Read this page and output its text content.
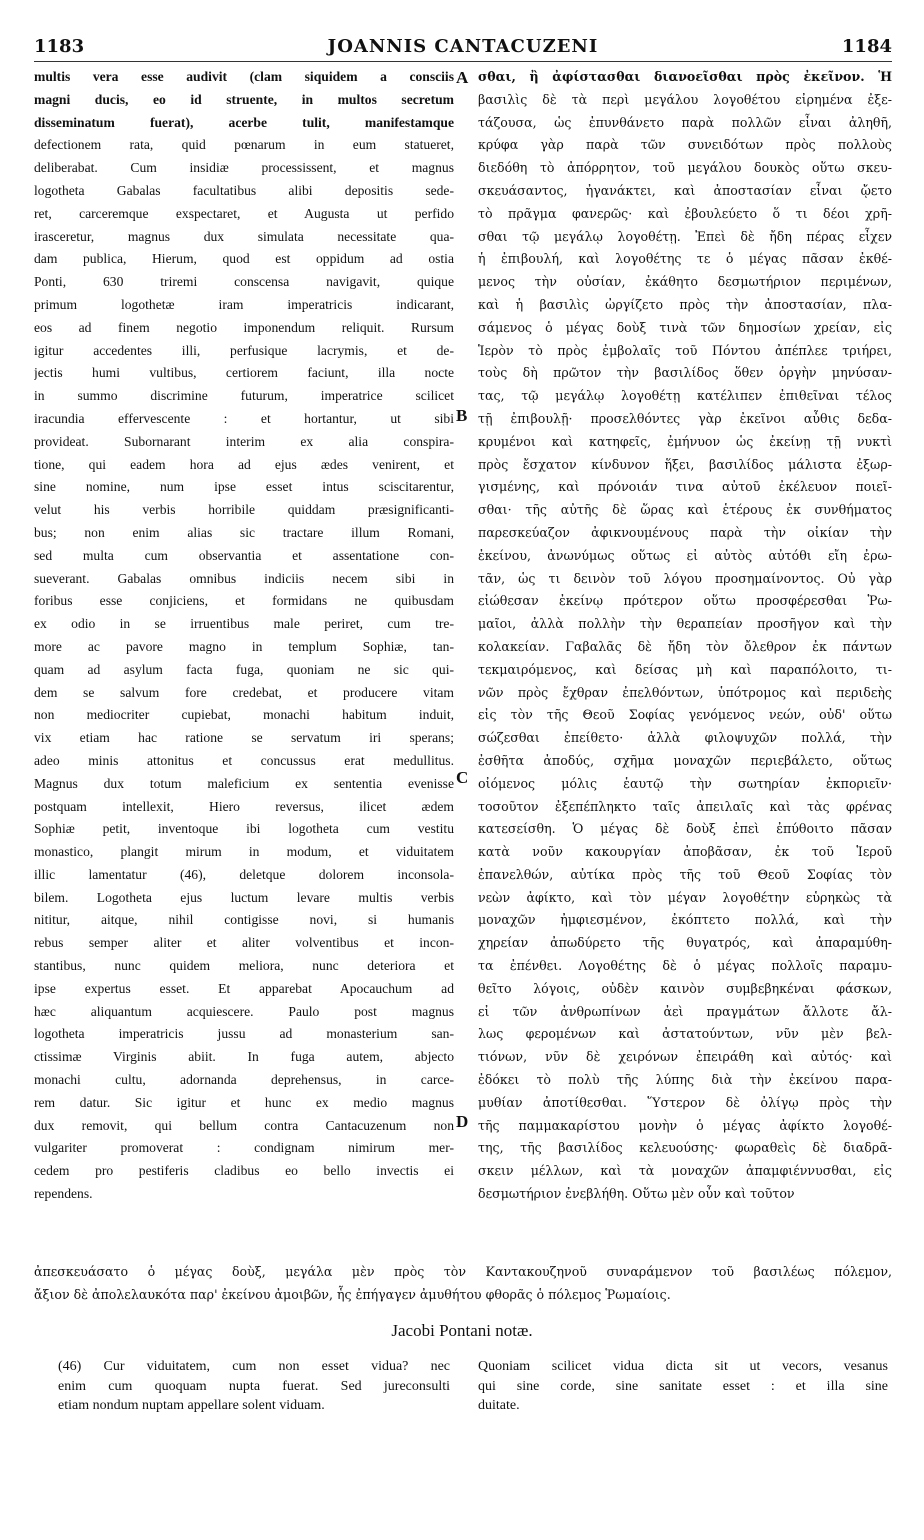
1183	JOANNIS CANTACUZENI	1184
multis vera esse audivit (clam siquidem a consciis
magni ducis, eo id struente, in multos secretum
disseminatum fuerat), acerbe tulit, manifestamque
defectionem rata, quid pœnarum in eum statueret,
deliberabat. Cum insidiæ processissent, et magnus
logotheta Gabalas facultatibus alibi depositis sede-
ret, carceremque exspectaret, et Augusta ut perfido
irasceretur, magnus dux simulata necessitate qua-
dam publica, Hierum, quod est oppidum ad ostia
Ponti, 630 triremi conscensa navigavit, quique
primum logothetæ iram imperatricis indicarant,
eos ad finem negotio imponendum reliquit. Rursum
igitur accedentes illi, perfusique lacrymis, et de-
jectis humi vultibus, certiorem faciunt, illa nocte
in summo discrimine futurum, imperatrice scilicet
iracundia effervescente : et hortantur, ut sibi
provideat. Subornarant interim ex alia conspira-
tione, qui eadem hora ad ejus ædes venirent, et
sine nomine, num ipse esset intus sciscitarentur,
velut his verbis horribile quiddam præsignificanti-
bus; non enim alias sic tractare illum Romani,
sed multa cum observantia et assentatione con-
sueverant. Gabalas omnibus indiciis necem sibi in
foribus esse conjiciens, et formidans ne quibusdam
ex odio in se irruentibus male periret, cum tre-
more ac pavore magno in templum Sophiæ, tan-
quam ad asylum facta fuga, quoniam ne sic qui-
dem se salvum fore credebat, et producere vitam
non mediocriter cupiebat, monachi habitum induit,
vix etiam hac ratione se servatum iri sperans;
adeo minis attonitus et concussus erat medullitus.
Magnus dux totum maleficium ex sententia evenisse
postquam intellexit, Hiero reversus, ilicet ædem
Sophiæ petit, inventoque ibi logotheta cum vestitu
monastico, plangit mirum in modum, et viduitatem
illic lamentatur (46), deletque dolorem inconsola-
bilem. Logotheta ejus luctum levare multis verbis
nititur, aitque, nihil contigisse novi, si humanis
rebus semper aliter et aliter volventibus et incon-
stantibus, nunc quidem meliora, nunc deteriora et
ipse expertus esset. Et apparebat Apocauchum ad
hæc aliquantum acquiescere. Paulo post magnus
logotheta imperatricis jussu ad monasterium san-
ctissimæ Virginis abiit. In fuga autem, abjecto
monachi cultu, adornanda deprehensus, in carce-
rem datur. Sic igitur et hunc ex medio magnus
dux removit, qui bellum contra Cantacuzenum non
vulgariter promoverat : condignam nimirum mer-
cedem pro pestiferis cladibus eo bello invectis ei
rependens.
σθαι, ἢ ἀφίστασθαι διανοεῖσθαι πρὸς ἐκεῖνον. Ἡ
βασιλὶς δὲ τὰ περὶ μεγάλου λογοθέτου εἰρημένα ἐξε-
τάζουσα, ὡς ἐπυνθάνετο παρὰ πολλῶν εἶναι ἀληθῆ,
κρύφα γὰρ παρὰ τῶν συνειδότων πρὸς πολλοὺς
διεδόθη τὸ ἀπόρρητον, τοῦ μεγάλου δουκὸς οὕτω σκευ-
σκευάσαντος, ἠγανάκτει, καὶ ἀποστασίαν εἶναι ᾤετο
τὸ πρᾶγμα φανερῶς· καὶ ἐβουλεύετο ὅ τι δέοι χρῆ-
σθαι τῷ μεγάλῳ λογοθέτῃ. Ἐπεὶ δὲ ἤδη πέρας εἶχεν
ἡ ἐπιβουλή, καὶ λογοθέτης τε ὁ μέγας πᾶσαν ἐκθέ-
μενος τὴν οὐσίαν, ἐκάθητο δεσμωτήριον περιμένων,
καὶ ἡ βασιλὶς ὠργίζετο πρὸς τὴν ἀποστασίαν, πλα-
σάμενος ὁ μέγας δοὺξ τινὰ τῶν δημοσίων χρείαν, εἰς
Ἱερὸν τὸ πρὸς ἐμβολαῖς τοῦ Πόντου ἀπέπλεε τριήρει,
τοὺς δὴ πρῶτον τὴν βασιλίδος ὅθεν ὀργὴν μηνύσαν-
τας, τῷ μεγάλῳ λογοθέτῃ κατέλιπεν ἐπιθεῖναι τέλος
τῇ ἐπιβουλῇ· προσελθόντες γὰρ ἐκεῖνοι αὖθις δεδα-
κρυμένοι καὶ κατηφεῖς, ἐμήνυον ὡς ἐκείνῃ τῇ νυκτὶ
πρὸς ἔσχατον κίνδυνον ἥξει, βασιλίδος μάλιστα ἐξωρ-
γισμένης, καὶ πρόνοιάν τινα αὐτοῦ ἐκέλευον ποιεῖ-
σθαι· τῆς αὐτῆς δὲ ὥρας καὶ ἑτέρους ἐκ συνθήματος
παρεσκεύαζον ἀφικνουμένους παρὰ τὴν οἰκίαν τὴν
ἐκείνου, ἀνωνύμως οὕτως εἰ αὐτὸς αὐτόθι εἴη ἐρω-
τᾶν, ὡς τι δεινὸν τοῦ λόγου προσημαίνοντος. Οὐ γὰρ
εἰώθεσαν ἐκείνῳ πρότερον οὕτω προσφέρεσθαι Ῥω-
μαῖοι, ἀλλὰ πολλὴν τὴν θεραπείαν προσῆγον καὶ τὴν
κολακείαν. Γαβαλᾶς δὲ ἤδη τὸν ὄλεθρον ἐκ πάντων
τεκμαιρόμενος, καὶ δείσας μὴ καὶ παραπόλοιτο, τι-
νῶν πρὸς ἔχθραν ἐπελθόντων, ὑπότρομος καὶ περιδεὴς
εἰς τὸν τῆς Θεοῦ Σοφίας γενόμενος νεών, οὐδ' οὕτω
σώζεσθαι ἐπείθετο· ἀλλὰ φιλοψυχῶν πολλά, τὴν
ἐσθῆτα ἀποδύς, σχῆμα μοναχῶν περιεβάλετο, οὕτως
οἰόμενος μόλις ἑαυτῷ τὴν σωτηρίαν ἐκποριεῖν·
τοσοῦτον ἐξεπέπληκτο ταῖς ἀπειλαῖς καὶ τὰς φρένας
κατεσείσθη. Ὁ μέγας δὲ δοὺξ ἐπεὶ ἐπύθοιτο πᾶσαν
κατὰ νοῦν κακουργίαν ἀποβᾶσαν, ἐκ τοῦ Ἱεροῦ
ἐπανελθών, αὐτίκα πρὸς τῆς τοῦ Θεοῦ Σοφίας τὸν
νεὼν ἀφίκτο, καὶ τὸν μέγαν λογοθέτην εὑρηκὼς τὰ
μοναχῶν ἠμφιεσμένον, ἐκόπτετο πολλά, καὶ τὴν
χηρείαν ἀπωδύρετο τῆς θυγατρός, καὶ ἀπαραμύθη-
τα ἐπένθει. Λογοθέτης δὲ ὁ μέγας πολλοῖς παραμυ-
θεῖτο λόγοις, οὐδὲν καινὸν συμβεβηκέναι φάσκων,
εἰ τῶν ἀνθρωπίνων ἀεὶ πραγμάτων ἄλλοτε ἄλ-
λως φερομένων καὶ ἀστατούντων, νῦν μὲν βελ-
τιόνων, νῦν δὲ χειρόνων ἐπειράθη καὶ αὐτός· καὶ
ἐδόκει τὸ πολὺ τῆς λύπης διὰ τὴν ἐκείνου παρα-
μυθίαν ἀποτίθεσθαι. Ὕστερον δὲ ὀλίγῳ πρὸς τὴν
τῆς παμμακαρίστου μονὴν ὁ μέγας ἀφίκτο λογοθέ-
της, τῆς βασιλίδος κελευούσης· φωραθεὶς δὲ διαδρᾶ-
σκειν μέλλων, καὶ τὰ μοναχῶν ἀπαμφιέννυσθαι, εἰς
δεσμωτήριον ἐνεβλήθη. Οὕτω μὲν οὖν καὶ τοῦτον
A
B
C
D
ἀπεσκευάσατο ὁ μέγας δοὺξ, μεγάλα μὲν πρὸς τὸν Καντακουζηνοῦ συναράμενον τοῦ βασιλέως πόλεμον,
ἄξιον δὲ ἀπολελαυκότα παρ' ἐκείνου ἀμοιβῶν, ἧς ἐπήγαγεν ἀμυθήτου φθορᾶς ὁ πόλεμος Ῥωμαίοις.
Jacobi Pontani notæ.
(46) Cur viduitatem, cum non esset vidua? nec
enim cum quoquam nupta fuerat. Sed jureconsulti
etiam nondum nuptam appellare solent viduam.
Quoniam scilicet vidua dicta sit ut vecors, vesanus
qui sine corde, sine sanitate esset : et illa sine
duitate.
